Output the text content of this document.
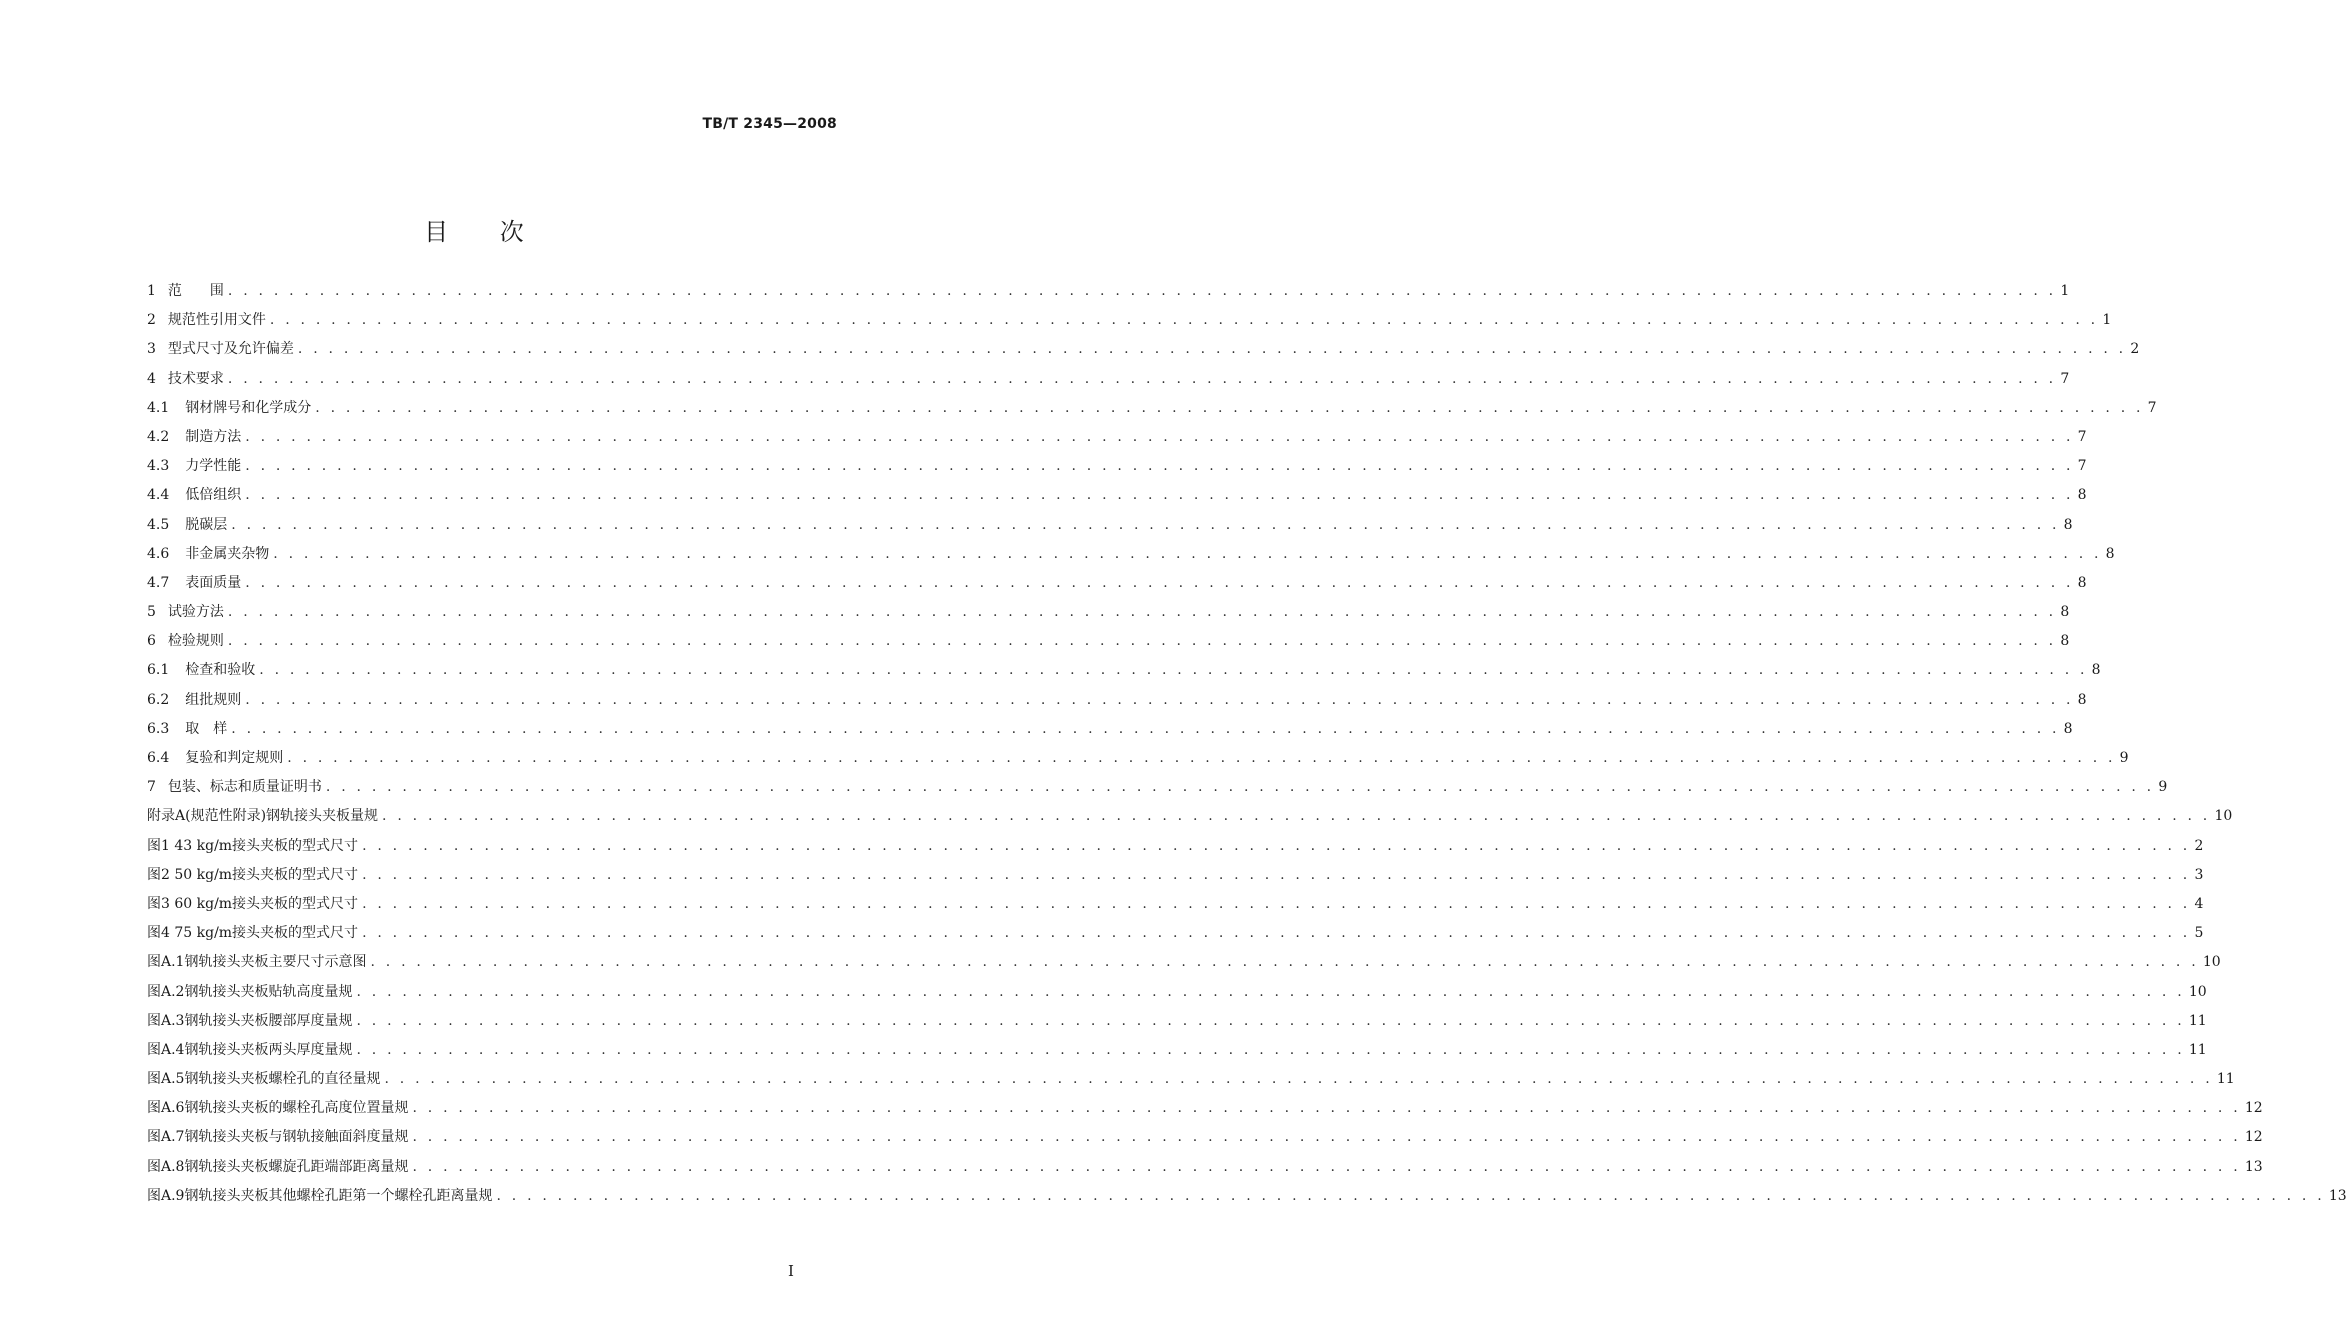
TB/T 2345—2008
目 次
1 范　　围 . . . . . . . . . . . . . . . . . . . . . . . . . . . . . . . . . . . . . . . . . . . . . . . . . . . . . . . . . . . . . . . . . . . . . . . . . . . . . . . . . . . . . . . . . . . . . . . . . . . . . . . . . . . . . . . . . . . . . . . . 1
2 规范性引用文件 . . . . . . . . . . . . . . . . . . . . . . . . . . . . . . . . . . . . . . . . . . . . . . . . . . . . . . . . . . . . . . . . . . . . . . . . . . . . . . . . . . . . . . . . . . . . . . . . . . . . . . . . . . . . . . . . . . . . . . . . 1
3 型式尺寸及允许偏差 . . . . . . . . . . . . . . . . . . . . . . . . . . . . . . . . . . . . . . . . . . . . . . . . . . . . . . . . . . . . . . . . . . . . . . . . . . . . . . . . . . . . . . . . . . . . . . . . . . . . . . . . . . . . . . . . . . . . . . . . 2
4 技术要求 . . . . . . . . . . . . . . . . . . . . . . . . . . . . . . . . . . . . . . . . . . . . . . . . . . . . . . . . . . . . . . . . . . . . . . . . . . . . . . . . . . . . . . . . . . . . . . . . . . . . . . . . . . . . . . . . . . . . . . . . 7
4.1 钢材牌号和化学成分 . . . . . . . . . . . . . . . . . . . . . . . . . . . . . . . . . . . . . . . . . . . . . . . . . . . . . . . . . . . . . . . . . . . . . . . . . . . . . . . . . . . . . . . . . . . . . . . . . . . . . . . . . . . . . . . . . . . . . . . . 7
4.2 制造方法 . . . . . . . . . . . . . . . . . . . . . . . . . . . . . . . . . . . . . . . . . . . . . . . . . . . . . . . . . . . . . . . . . . . . . . . . . . . . . . . . . . . . . . . . . . . . . . . . . . . . . . . . . . . . . . . . . . . . . . . . 7
4.3 力学性能 . . . . . . . . . . . . . . . . . . . . . . . . . . . . . . . . . . . . . . . . . . . . . . . . . . . . . . . . . . . . . . . . . . . . . . . . . . . . . . . . . . . . . . . . . . . . . . . . . . . . . . . . . . . . . . . . . . . . . . . . 7
4.4 低倍组织 . . . . . . . . . . . . . . . . . . . . . . . . . . . . . . . . . . . . . . . . . . . . . . . . . . . . . . . . . . . . . . . . . . . . . . . . . . . . . . . . . . . . . . . . . . . . . . . . . . . . . . . . . . . . . . . . . . . . . . . . 8
4.5 脱碳层 . . . . . . . . . . . . . . . . . . . . . . . . . . . . . . . . . . . . . . . . . . . . . . . . . . . . . . . . . . . . . . . . . . . . . . . . . . . . . . . . . . . . . . . . . . . . . . . . . . . . . . . . . . . . . . . . . . . . . . . . 8
4.6 非金属夹杂物 . . . . . . . . . . . . . . . . . . . . . . . . . . . . . . . . . . . . . . . . . . . . . . . . . . . . . . . . . . . . . . . . . . . . . . . . . . . . . . . . . . . . . . . . . . . . . . . . . . . . . . . . . . . . . . . . . . . . . . . . 8
4.7 表面质量 . . . . . . . . . . . . . . . . . . . . . . . . . . . . . . . . . . . . . . . . . . . . . . . . . . . . . . . . . . . . . . . . . . . . . . . . . . . . . . . . . . . . . . . . . . . . . . . . . . . . . . . . . . . . . . . . . . . . . . . . 8
5 试验方法 . . . . . . . . . . . . . . . . . . . . . . . . . . . . . . . . . . . . . . . . . . . . . . . . . . . . . . . . . . . . . . . . . . . . . . . . . . . . . . . . . . . . . . . . . . . . . . . . . . . . . . . . . . . . . . . . . . . . . . . . 8
6 检验规则 . . . . . . . . . . . . . . . . . . . . . . . . . . . . . . . . . . . . . . . . . . . . . . . . . . . . . . . . . . . . . . . . . . . . . . . . . . . . . . . . . . . . . . . . . . . . . . . . . . . . . . . . . . . . . . . . . . . . . . . . 8
6.1 检查和验收 . . . . . . . . . . . . . . . . . . . . . . . . . . . . . . . . . . . . . . . . . . . . . . . . . . . . . . . . . . . . . . . . . . . . . . . . . . . . . . . . . . . . . . . . . . . . . . . . . . . . . . . . . . . . . . . . . . . . . . . . 8
6.2 组批规则 . . . . . . . . . . . . . . . . . . . . . . . . . . . . . . . . . . . . . . . . . . . . . . . . . . . . . . . . . . . . . . . . . . . . . . . . . . . . . . . . . . . . . . . . . . . . . . . . . . . . . . . . . . . . . . . . . . . . . . . . 8
6.3 取　样 . . . . . . . . . . . . . . . . . . . . . . . . . . . . . . . . . . . . . . . . . . . . . . . . . . . . . . . . . . . . . . . . . . . . . . . . . . . . . . . . . . . . . . . . . . . . . . . . . . . . . . . . . . . . . . . . . . . . . . . . 8
6.4 复验和判定规则 . . . . . . . . . . . . . . . . . . . . . . . . . . . . . . . . . . . . . . . . . . . . . . . . . . . . . . . . . . . . . . . . . . . . . . . . . . . . . . . . . . . . . . . . . . . . . . . . . . . . . . . . . . . . . . . . . . . . . . . . 9
7 包装、标志和质量证明书 . . . . . . . . . . . . . . . . . . . . . . . . . . . . . . . . . . . . . . . . . . . . . . . . . . . . . . . . . . . . . . . . . . . . . . . . . . . . . . . . . . . . . . . . . . . . . . . . . . . . . . . . . . . . . . . . . . . . . . . . 9
附录A(规范性附录)钢轨接头夹板量规 . . . . . . . . . . . . . . . . . . . . . . . . . . . . . . . . . . . . . . . . . . . . . . . . . . . . . . . . . . . . . . . . . . . . . . . . . . . . . . . . . . . . . . . . . . . . . . . . . . . . . . . . . . . . . . . . . . . . . . . . 10
图1 43 kg/m接头夹板的型式尺寸 . . . . . . . . . . . . . . . . . . . . . . . . . . . . . . . . . . . . . . . . . . . . . . . . . . . . . . . . . . . . . . . . . . . . . . . . . . . . . . . . . . . . . . . . . . . . . . . . . . . . . . . . . . . . . . . . . . . . . . . . 2
图2 50 kg/m接头夹板的型式尺寸 . . . . . . . . . . . . . . . . . . . . . . . . . . . . . . . . . . . . . . . . . . . . . . . . . . . . . . . . . . . . . . . . . . . . . . . . . . . . . . . . . . . . . . . . . . . . . . . . . . . . . . . . . . . . . . . . . . . . . . . . 3
图3 60 kg/m接头夹板的型式尺寸 . . . . . . . . . . . . . . . . . . . . . . . . . . . . . . . . . . . . . . . . . . . . . . . . . . . . . . . . . . . . . . . . . . . . . . . . . . . . . . . . . . . . . . . . . . . . . . . . . . . . . . . . . . . . . . . . . . . . . . . . 4
图4 75 kg/m接头夹板的型式尺寸 . . . . . . . . . . . . . . . . . . . . . . . . . . . . . . . . . . . . . . . . . . . . . . . . . . . . . . . . . . . . . . . . . . . . . . . . . . . . . . . . . . . . . . . . . . . . . . . . . . . . . . . . . . . . . . . . . . . . . . . . 5
图A.1钢轨接头夹板主要尺寸示意图 . . . . . . . . . . . . . . . . . . . . . . . . . . . . . . . . . . . . . . . . . . . . . . . . . . . . . . . . . . . . . . . . . . . . . . . . . . . . . . . . . . . . . . . . . . . . . . . . . . . . . . . . . . . . . . . . . . . . . . . . 10
图A.2钢轨接头夹板贴轨高度量规 . . . . . . . . . . . . . . . . . . . . . . . . . . . . . . . . . . . . . . . . . . . . . . . . . . . . . . . . . . . . . . . . . . . . . . . . . . . . . . . . . . . . . . . . . . . . . . . . . . . . . . . . . . . . . . . . . . . . . . . . 10
图A.3钢轨接头夹板腰部厚度量规 . . . . . . . . . . . . . . . . . . . . . . . . . . . . . . . . . . . . . . . . . . . . . . . . . . . . . . . . . . . . . . . . . . . . . . . . . . . . . . . . . . . . . . . . . . . . . . . . . . . . . . . . . . . . . . . . . . . . . . . . 11
图A.4钢轨接头夹板两头厚度量规 . . . . . . . . . . . . . . . . . . . . . . . . . . . . . . . . . . . . . . . . . . . . . . . . . . . . . . . . . . . . . . . . . . . . . . . . . . . . . . . . . . . . . . . . . . . . . . . . . . . . . . . . . . . . . . . . . . . . . . . . 11
图A.5钢轨接头夹板螺栓孔的直径量规 . . . . . . . . . . . . . . . . . . . . . . . . . . . . . . . . . . . . . . . . . . . . . . . . . . . . . . . . . . . . . . . . . . . . . . . . . . . . . . . . . . . . . . . . . . . . . . . . . . . . . . . . . . . . . . . . . . . . . . . . 11
图A.6钢轨接头夹板的螺栓孔高度位置量规 . . . . . . . . . . . . . . . . . . . . . . . . . . . . . . . . . . . . . . . . . . . . . . . . . . . . . . . . . . . . . . . . . . . . . . . . . . . . . . . . . . . . . . . . . . . . . . . . . . . . . . . . . . . . . . . . . . . . . . . . 12
图A.7钢轨接头夹板与钢轨接触面斜度量规 . . . . . . . . . . . . . . . . . . . . . . . . . . . . . . . . . . . . . . . . . . . . . . . . . . . . . . . . . . . . . . . . . . . . . . . . . . . . . . . . . . . . . . . . . . . . . . . . . . . . . . . . . . . . . . . . . . . . . . . . 12
图A.8钢轨接头夹板螺旋孔距端部距离量规 . . . . . . . . . . . . . . . . . . . . . . . . . . . . . . . . . . . . . . . . . . . . . . . . . . . . . . . . . . . . . . . . . . . . . . . . . . . . . . . . . . . . . . . . . . . . . . . . . . . . . . . . . . . . . . . . . . . . . . . . 13
图A.9钢轨接头夹板其他螺栓孔距第一个螺栓孔距离量规 . . . . . . . . . . . . . . . . . . . . . . . . . . . . . . . . . . . . . . . . . . . . . . . . . . . . . . . . . . . . . . . . . . . . . . . . . . . . . . . . . . . . . . . . . . . . . . . . . . . . . . . . . . . . . . . . . . . . . . . . 13
I
